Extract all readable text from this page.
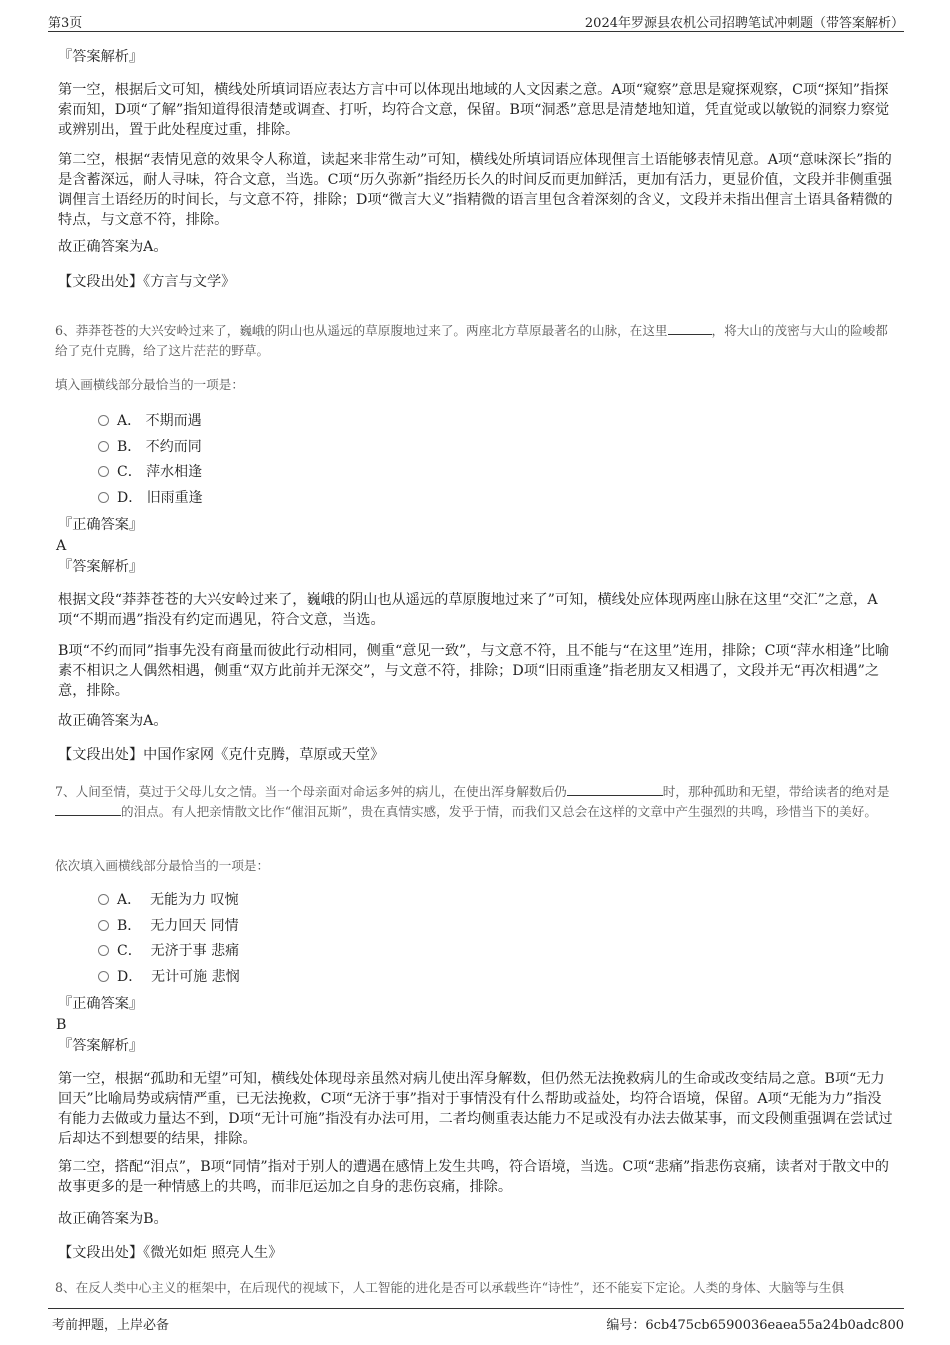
第3页	2024年罗源县农机公司招聘笔试冲刺题（带答案解析）

『答案解析』

第一空，根据后文可知，横线处所填词语应表达方言中可以体现出地域的人文因素之意。A项“窥察”意思是窥探观察，C项“探知”指探索而知，D项“了解”指知道得很清楚或调查、打听，均符合文意，保留。B项“洞悉”意思是清楚地知道，凭直觉或以敏锐的洞察力察觉或辨别出，置于此处程度过重，排除。

第二空，根据“表情见意的效果令人称道，读起来非常生动”可知，横线处所填词语应体现俚言土语能够表情见意。A项“意味深长”指的是含蓄深远，耐人寻味，符合文意，当选。C项“历久弥新”指经历长久的时间反而更加鲜活，更加有活力，更显价值，文段并非侧重强调俚言土语经历的时间长，与文意不符，排除；D项“微言大义”指精微的语言里包含着深刻的含义，文段并未指出俚言土语具备精微的特点，与文意不符，排除。

故正确答案为A。

【文段出处】《方言与文学》

6、莽莽苍苍的大兴安岭过来了，巍峨的阴山也从遥远的草原腹地过来了。两座北方草原最著名的山脉，在这里	，将大山的茂密与大山的险峻都给了克什克腾，给了这片茫茫的野草。

填入画横线部分最恰当的一项是：

A． 不期而遇
B． 不约而同
C． 萍水相逢
D． 旧雨重逢

『正确答案』

A

『答案解析』

根据文段“莽莽苍苍的大兴安岭过来了，巍峨的阴山也从遥远的草原腹地过来了”可知，横线处应体现两座山脉在这里“交汇”之意，A项“不期而遇”指没有约定而遇见，符合文意，当选。

B项“不约而同”指事先没有商量而彼此行动相同，侧重“意见一致”，与文意不符，且不能与“在这里”连用，排除；C项“萍水相逢”比喻素不相识之人偶然相遇，侧重“双方此前并无深交”，与文意不符，排除；D项“旧雨重逢”指老朋友又相遇了，文段并无“再次相遇”之意，排除。

故正确答案为A。

【文段出处】中国作家网《克什克腾，草原或天堂》

7、人间至情，莫过于父母儿女之情。当一个母亲面对命运多舛的病儿，在使出浑身解数后仍	时，那种孤助和无望，带给读者的绝对是的泪点。有人把亲情散文比作“催泪瓦斯”，贵在真情实感，发乎于情，而我们又总会在这样的文章中产生强烈的共鸣，珍惜当下的美好。

依次填入画横线部分最恰当的一项是：

A． 无能为力 叹惋
B． 无力回天 同情
C． 无济于事 悲痛
D． 无计可施 悲悯

『正确答案』

B

『答案解析』

第一空，根据“孤助和无望”可知，横线处体现母亲虽然对病儿使出浑身解数，但仍然无法挽救病儿的生命或改变结局之意。B项“无力回天”比喻局势或病情严重，已无法挽救，C项“无济于事”指对于事情没有什么帮助或益处，均符合语境，保留。A项“无能为力”指没有能力去做或力量达不到，D项“无计可施”指没有办法可用，二者均侧重表达能力不足或没有办法去做某事，而文段侧重强调在尝试过后却达不到想要的结果，排除。

第二空，搭配“泪点”，B项“同情”指对于别人的遭遇在感情上发生共鸣，符合语境，当选。C项“悲痛”指悲伤哀痛，读者对于散文中的故事更多的是一种情感上的共鸣，而非厄运加之自身的悲伤哀痛，排除。

故正确答案为B。

【文段出处】《微光如炬 照亮人生》

8、在反人类中心主义的框架中，在后现代的视域下，人工智能的进化是否可以承载些许“诗性”，还不能妄下定论。人类的身体、大脑等与生俱

考前押题，上岸必备	编号：6cb475cb6590036eaea55a24b0adc800
